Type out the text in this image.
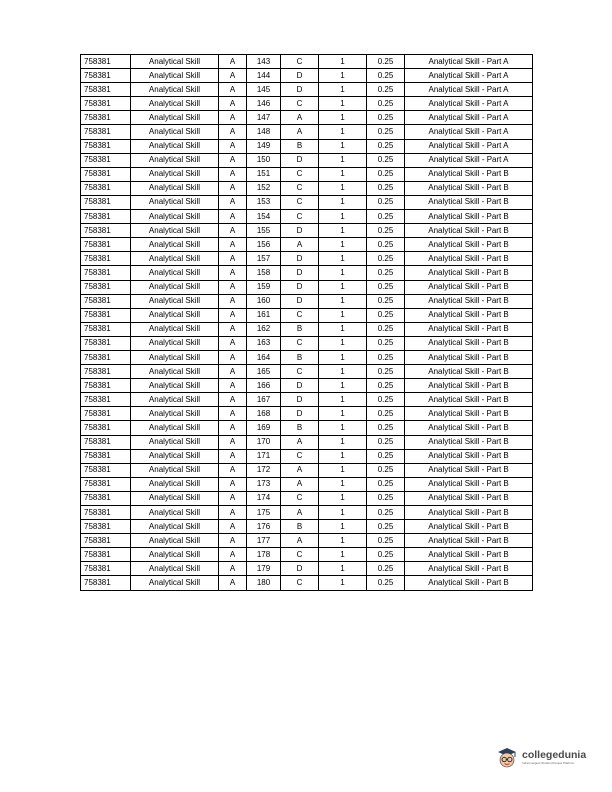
758381	Analytical Skill	A	143	C	1	0.25	Analytical Skill - Part A
758381	Analytical Skill	A	144	D	1	0.25	Analytical Skill - Part A
758381	Analytical Skill	A	145	D	1	0.25	Analytical Skill - Part A
758381	Analytical Skill	A	146	C	1	0.25	Analytical Skill - Part A
758381	Analytical Skill	A	147	A	1	0.25	Analytical Skill - Part A
758381	Analytical Skill	A	148	A	1	0.25	Analytical Skill - Part A
758381	Analytical Skill	A	149	B	1	0.25	Analytical Skill - Part A
758381	Analytical Skill	A	150	D	1	0.25	Analytical Skill - Part A
758381	Analytical Skill	A	151	C	1	0.25	Analytical Skill - Part B
758381	Analytical Skill	A	152	C	1	0.25	Analytical Skill - Part B
758381	Analytical Skill	A	153	C	1	0.25	Analytical Skill - Part B
758381	Analytical Skill	A	154	C	1	0.25	Analytical Skill - Part B
758381	Analytical Skill	A	155	D	1	0.25	Analytical Skill - Part B
758381	Analytical Skill	A	156	A	1	0.25	Analytical Skill - Part B
758381	Analytical Skill	A	157	D	1	0.25	Analytical Skill - Part B
758381	Analytical Skill	A	158	D	1	0.25	Analytical Skill - Part B
758381	Analytical Skill	A	159	D	1	0.25	Analytical Skill - Part B
758381	Analytical Skill	A	160	D	1	0.25	Analytical Skill - Part B
758381	Analytical Skill	A	161	C	1	0.25	Analytical Skill - Part B
758381	Analytical Skill	A	162	B	1	0.25	Analytical Skill - Part B
758381	Analytical Skill	A	163	C	1	0.25	Analytical Skill - Part B
758381	Analytical Skill	A	164	B	1	0.25	Analytical Skill - Part B
758381	Analytical Skill	A	165	C	1	0.25	Analytical Skill - Part B
758381	Analytical Skill	A	166	D	1	0.25	Analytical Skill - Part B
758381	Analytical Skill	A	167	D	1	0.25	Analytical Skill - Part B
758381	Analytical Skill	A	168	D	1	0.25	Analytical Skill - Part B
758381	Analytical Skill	A	169	B	1	0.25	Analytical Skill - Part B
758381	Analytical Skill	A	170	A	1	0.25	Analytical Skill - Part B
758381	Analytical Skill	A	171	C	1	0.25	Analytical Skill - Part B
758381	Analytical Skill	A	172	A	1	0.25	Analytical Skill - Part B
758381	Analytical Skill	A	173	A	1	0.25	Analytical Skill - Part B
758381	Analytical Skill	A	174	C	1	0.25	Analytical Skill - Part B
758381	Analytical Skill	A	175	A	1	0.25	Analytical Skill - Part B
758381	Analytical Skill	A	176	B	1	0.25	Analytical Skill - Part B
758381	Analytical Skill	A	177	A	1	0.25	Analytical Skill - Part B
758381	Analytical Skill	A	178	C	1	0.25	Analytical Skill - Part B
758381	Analytical Skill	A	179	D	1	0.25	Analytical Skill - Part B
758381	Analytical Skill	A	180	C	1	0.25	Analytical Skill - Part B
collegedunia
India's largest Student Review Platform
